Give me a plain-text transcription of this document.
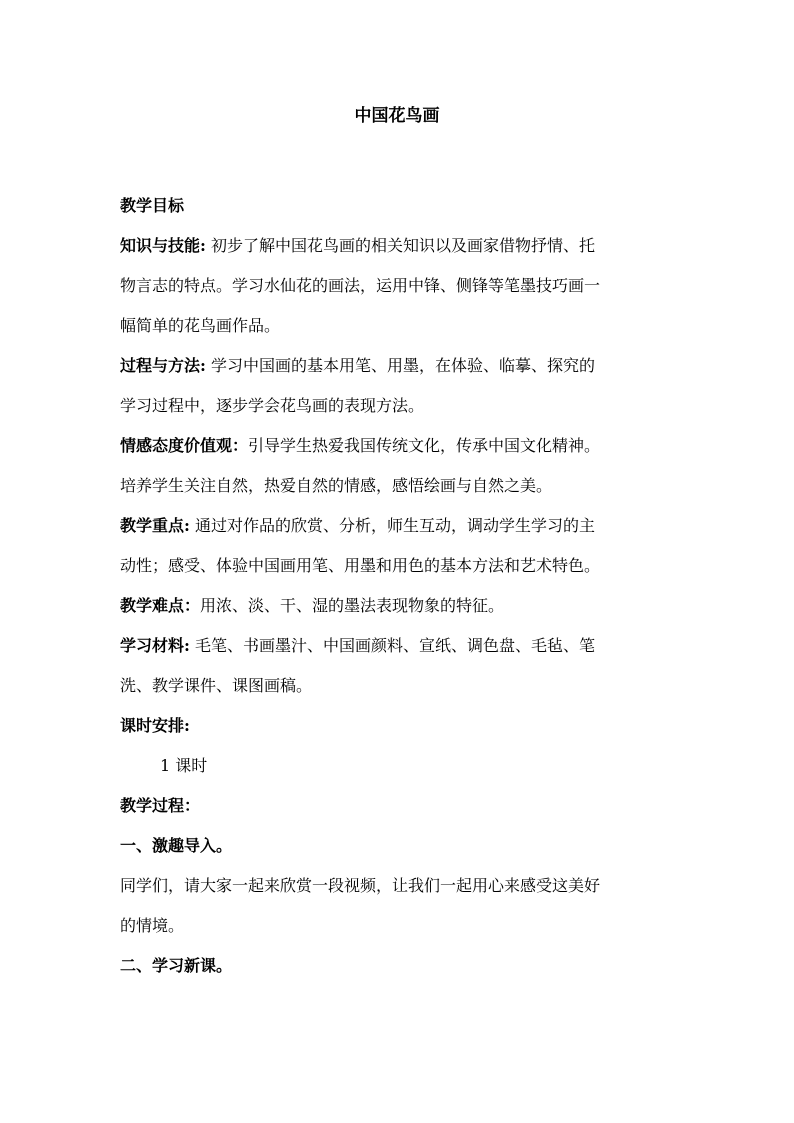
中国花鸟画
教学目标
知识与技能: 初步了解中国花鸟画的相关知识以及画家借物抒情、托
物言志的特点。学习水仙花的画法，运用中锋、侧锋等笔墨技巧画一
幅简单的花鸟画作品。
过程与方法: 学习中国画的基本用笔、用墨，在体验、临摹、探究的
学习过程中，逐步学会花鸟画的表现方法。
情感态度价值观：引导学生热爱我国传统文化，传承中国文化精神。
培养学生关注自然，热爱自然的情感，感悟绘画与自然之美。
教学重点: 通过对作品的欣赏、分析，师生互动，调动学生学习的主
动性；感受、体验中国画用笔、用墨和用色的基本方法和艺术特色。
教学难点：用浓、淡、干、湿的墨法表现物象的特征。
学习材料: 毛笔、书画墨汁、中国画颜料、宣纸、调色盘、毛毡、笔
洗、教学课件、课图画稿。
课时安排:
1 课时
教学过程：
一、激趣导入。
同学们，请大家一起来欣赏一段视频，让我们一起用心来感受这美好
的情境。
二、学习新课。
